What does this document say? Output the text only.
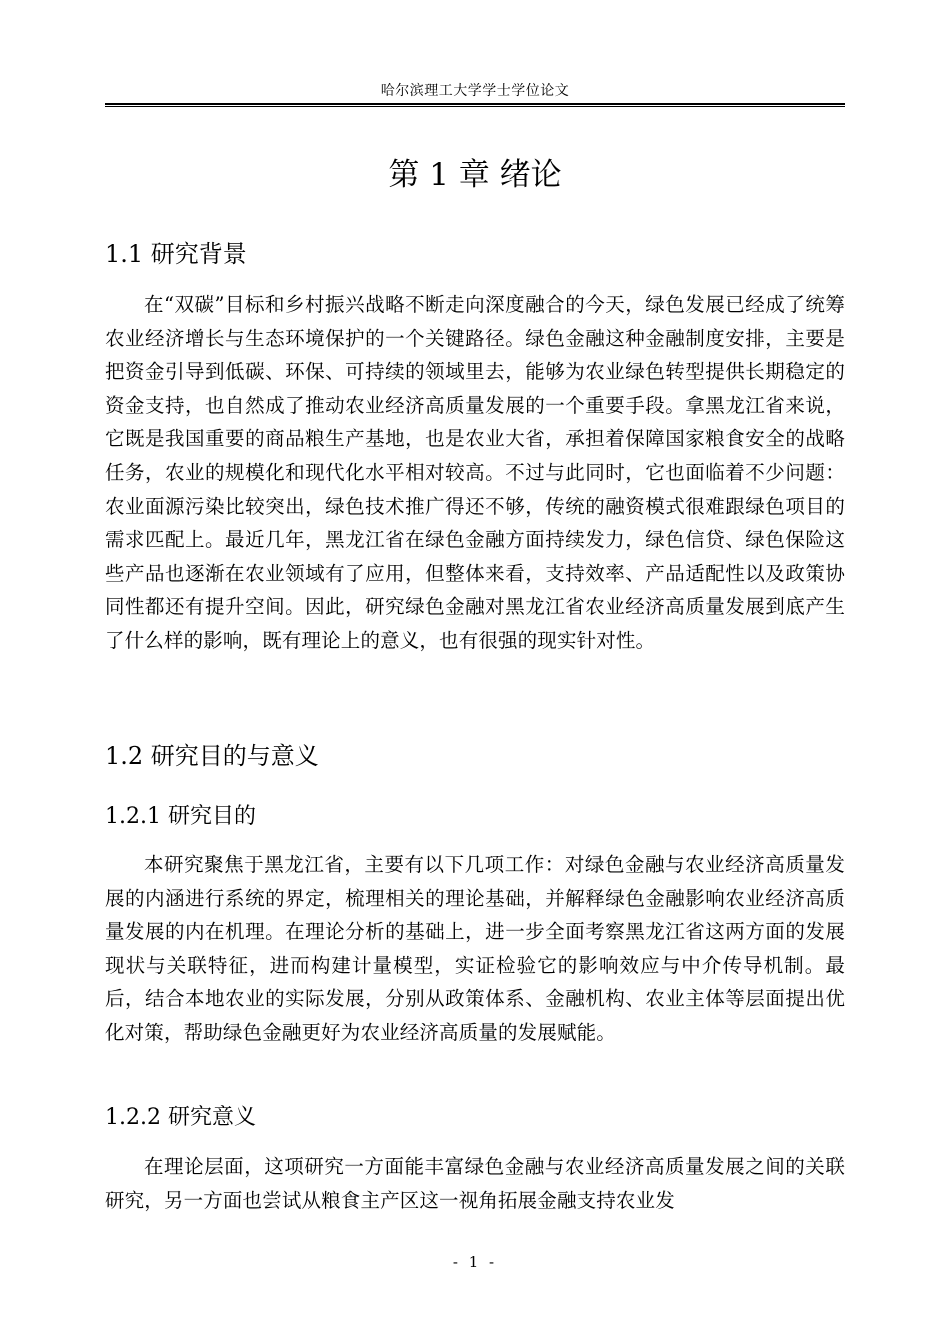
哈尔滨理工大学学士学位论文
第 1 章 绪论
1.1 研究背景

在“双碳”目标和乡村振兴战略不断走向深度融合的今天，绿色发展已经成了统筹农业经济增长与生态环境保护的一个关键路径。绿色金融这种金融制度安排，主要是把资金引导到低碳、环保、可持续的领域里去，能够为农业绿色转型提供长期稳定的资金支持，也自然成了推动农业经济高质量发展的一个重要手段。拿黑龙江省来说，它既是我国重要的商品粮生产基地，也是农业大省，承担着保障国家粮食安全的战略任务，农业的规模化和现代化水平相对较高。不过与此同时，它也面临着不少问题：农业面源污染比较突出，绿色技术推广得还不够，传统的融资模式很难跟绿色项目的需求匹配上。最近几年，黑龙江省在绿色金融方面持续发力，绿色信贷、绿色保险这些产品也逐渐在农业领域有了应用，但整体来看，支持效率、产品适配性以及政策协同性都还有提升空间。因此，研究绿色金融对黑龙江省农业经济高质量发展到底产生了什么样的影响，既有理论上的意义，也有很强的现实针对性。

1.2 研究目的与意义
1.2.1 研究目的

本研究聚焦于黑龙江省，主要有以下几项工作：对绿色金融与农业经济高质量发展的内涵进行系统的界定，梳理相关的理论基础，并解释绿色金融影响农业经济高质量发展的内在机理。在理论分析的基础上，进一步全面考察黑龙江省这两方面的发展现状与关联特征，进而构建计量模型，实证检验它的影响效应与中介传导机制。最后，结合本地农业的实际发展，分别从政策体系、金融机构、农业主体等层面提出优化对策，帮助绿色金融更好为农业经济高质量的发展赋能。

1.2.2 研究意义

在理论层面，这项研究一方面能丰富绿色金融与农业经济高质量发展之间的关联研究，另一方面也尝试从粮食主产区这一视角拓展金融支持农业发

- 1 -
